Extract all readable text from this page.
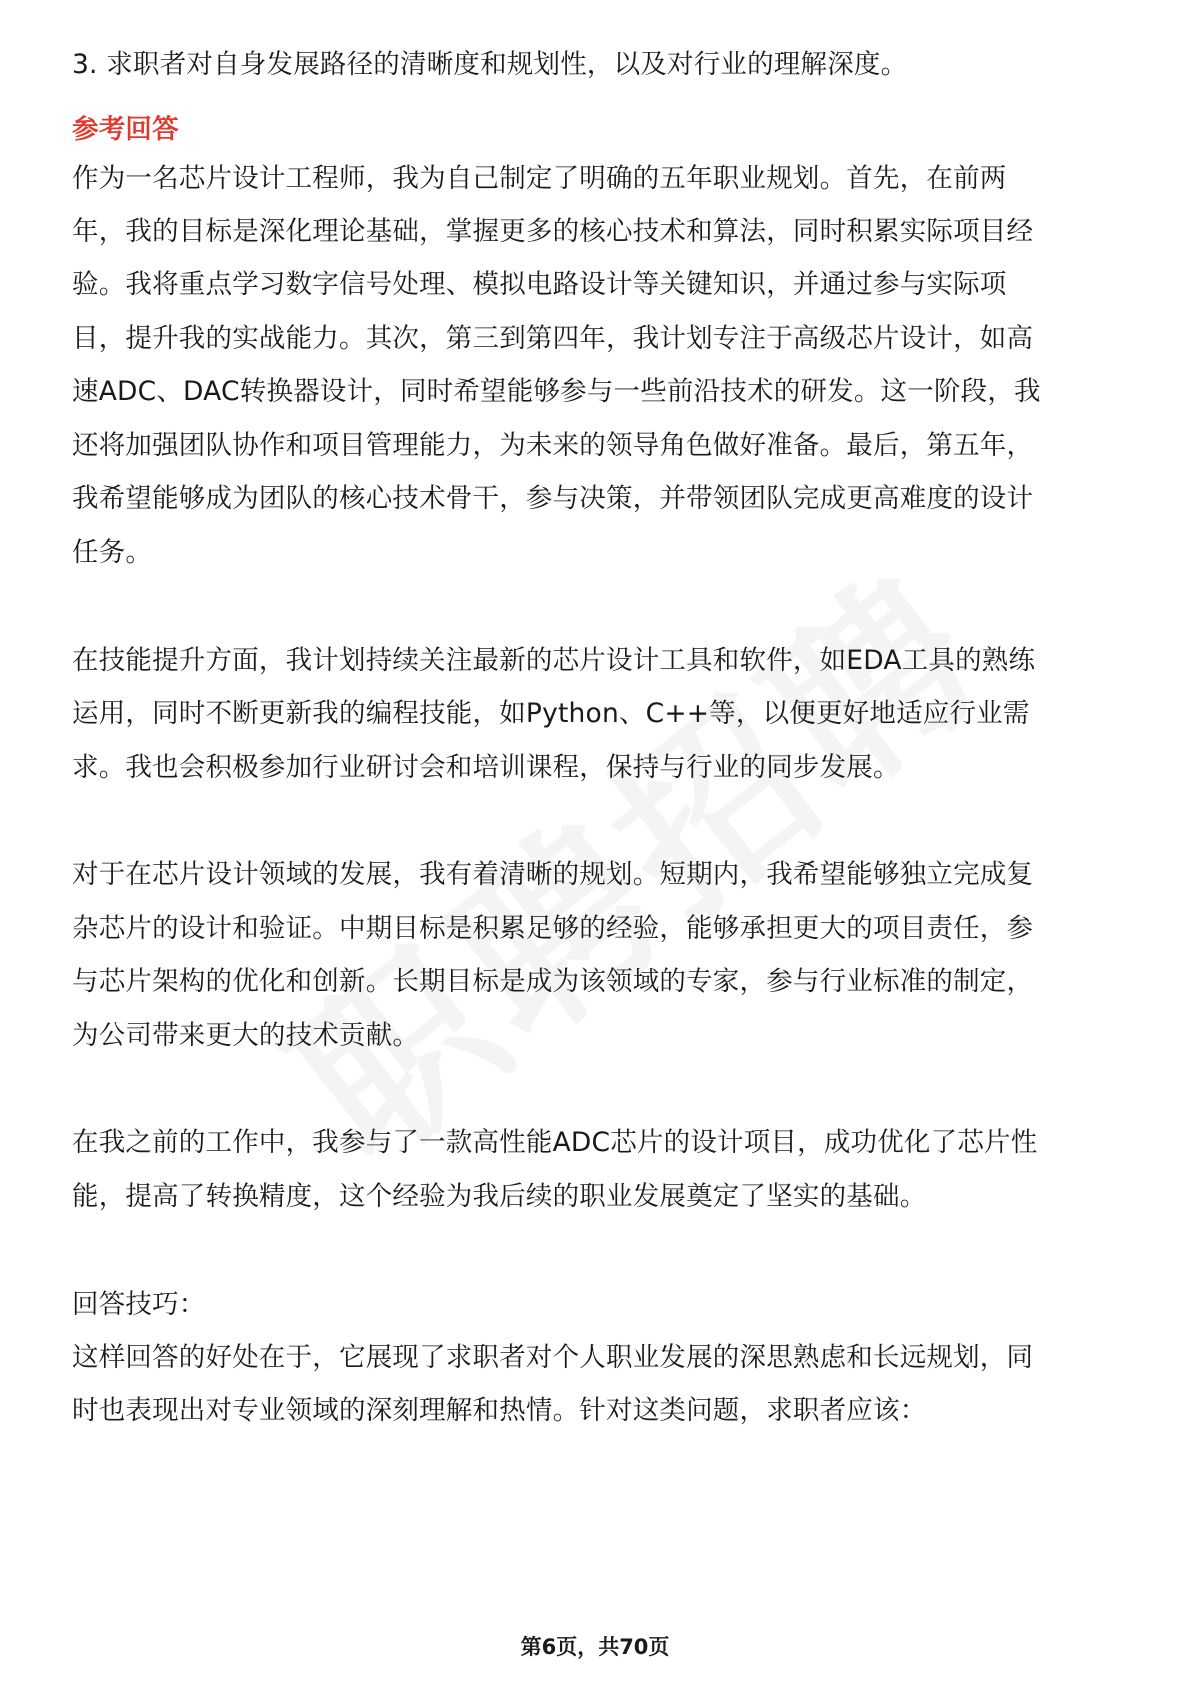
3. 求职者对自身发展路径的清晰度和规划性，以及对行业的理解深度。
参考回答
作为一名芯片设计工程师，我为自己制定了明确的五年职业规划。首先，在前两
年，我的目标是深化理论基础，掌握更多的核心技术和算法，同时积累实际项目经
验。我将重点学习数字信号处理、模拟电路设计等关键知识，并通过参与实际项
目，提升我的实战能力。其次，第三到第四年，我计划专注于高级芯片设计，如高
速ADC、DAC转换器设计，同时希望能够参与一些前沿技术的研发。这一阶段，我
还将加强团队协作和项目管理能力，为未来的领导角色做好准备。最后，第五年，
我希望能够成为团队的核心技术骨干，参与决策，并带领团队完成更高难度的设计
任务。
在技能提升方面，我计划持续关注最新的芯片设计工具和软件，如EDA工具的熟练
运用，同时不断更新我的编程技能，如Python、C++等，以便更好地适应行业需
求。我也会积极参加行业研讨会和培训课程，保持与行业的同步发展。
对于在芯片设计领域的发展，我有着清晰的规划。短期内，我希望能够独立完成复
杂芯片的设计和验证。中期目标是积累足够的经验，能够承担更大的项目责任，参
与芯片架构的优化和创新。长期目标是成为该领域的专家，参与行业标准的制定，
为公司带来更大的技术贡献。
在我之前的工作中，我参与了一款高性能ADC芯片的设计项目，成功优化了芯片性
能，提高了转换精度，这个经验为我后续的职业发展奠定了坚实的基础。
回答技巧：
这样回答的好处在于，它展现了求职者对个人职业发展的深思熟虑和长远规划，同
时也表现出对专业领域的深刻理解和热情。针对这类问题，求职者应该：
第6页，共70页
